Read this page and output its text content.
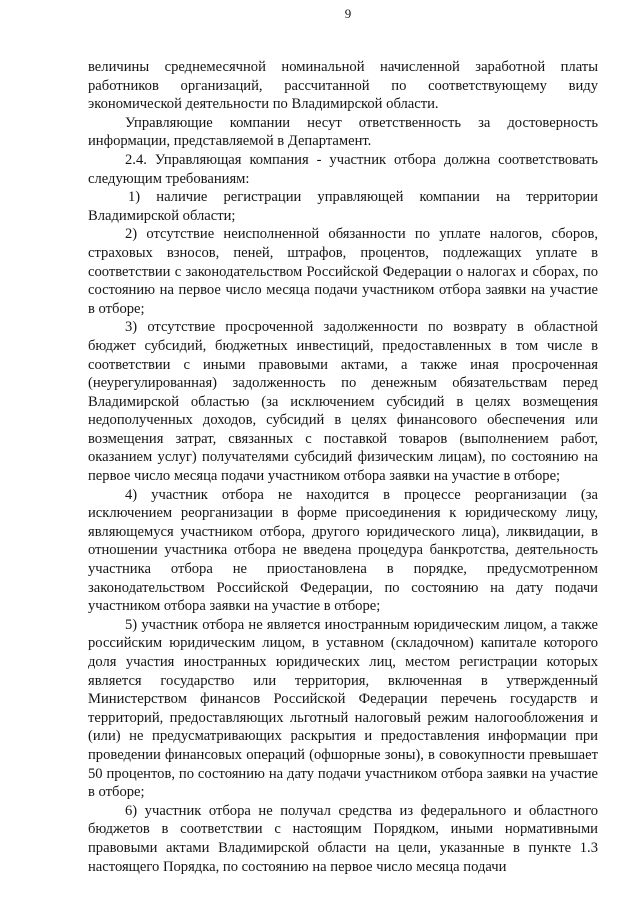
9

величины среднемесячной номинальной начисленной заработной платы работников организаций, рассчитанной по соответствующему виду экономической деятельности по Владимирской области.

Управляющие компании несут ответственность за достоверность информации, представляемой в Департамент.

2.4. Управляющая компания - участник отбора должна соответствовать следующим требованиям:

1) наличие регистрации управляющей компании на территории Владимирской области;

2) отсутствие неисполненной обязанности по уплате налогов, сборов, страховых взносов, пеней, штрафов, процентов, подлежащих уплате в соответствии с законодательством Российской Федерации о налогах и сборах, по состоянию на первое число месяца подачи участником отбора заявки на участие в отборе;

3) отсутствие просроченной задолженности по возврату в областной бюджет субсидий, бюджетных инвестиций, предоставленных в том числе в соответствии с иными правовыми актами, а также иная просроченная (неурегулированная) задолженность по денежным обязательствам перед Владимирской областью (за исключением субсидий в целях возмещения недополученных доходов, субсидий в целях финансового обеспечения или возмещения затрат, связанных с поставкой товаров (выполнением работ, оказанием услуг) получателями субсидий физическим лицам), по состоянию на первое число месяца подачи участником отбора заявки на участие в отборе;

4) участник отбора не находится в процессе реорганизации (за исключением реорганизации в форме присоединения к юридическому лицу, являющемуся участником отбора, другого юридического лица), ликвидации, в отношении участника отбора не введена процедура банкротства, деятельность участника отбора не приостановлена в порядке, предусмотренном законодательством Российской Федерации, по состоянию на дату подачи участником отбора заявки на участие в отборе;

5) участник отбора не является иностранным юридическим лицом, а также российским юридическим лицом, в уставном (складочном) капитале которого доля участия иностранных юридических лиц, местом регистрации которых является государство или территория, включенная в утвержденный Министерством финансов Российской Федерации перечень государств и территорий, предоставляющих льготный налоговый режим налогообложения и (или) не предусматривающих раскрытия и предоставления информации при проведении финансовых операций (офшорные зоны), в совокупности превышает 50 процентов, по состоянию на дату подачи участником отбора заявки на участие в отборе;

6) участник отбора не получал средства из федерального и областного бюджетов в соответствии с настоящим Порядком, иными нормативными правовыми актами Владимирской области на цели, указанные в пункте 1.3 настоящего Порядка, по состоянию на первое число месяца подачи
